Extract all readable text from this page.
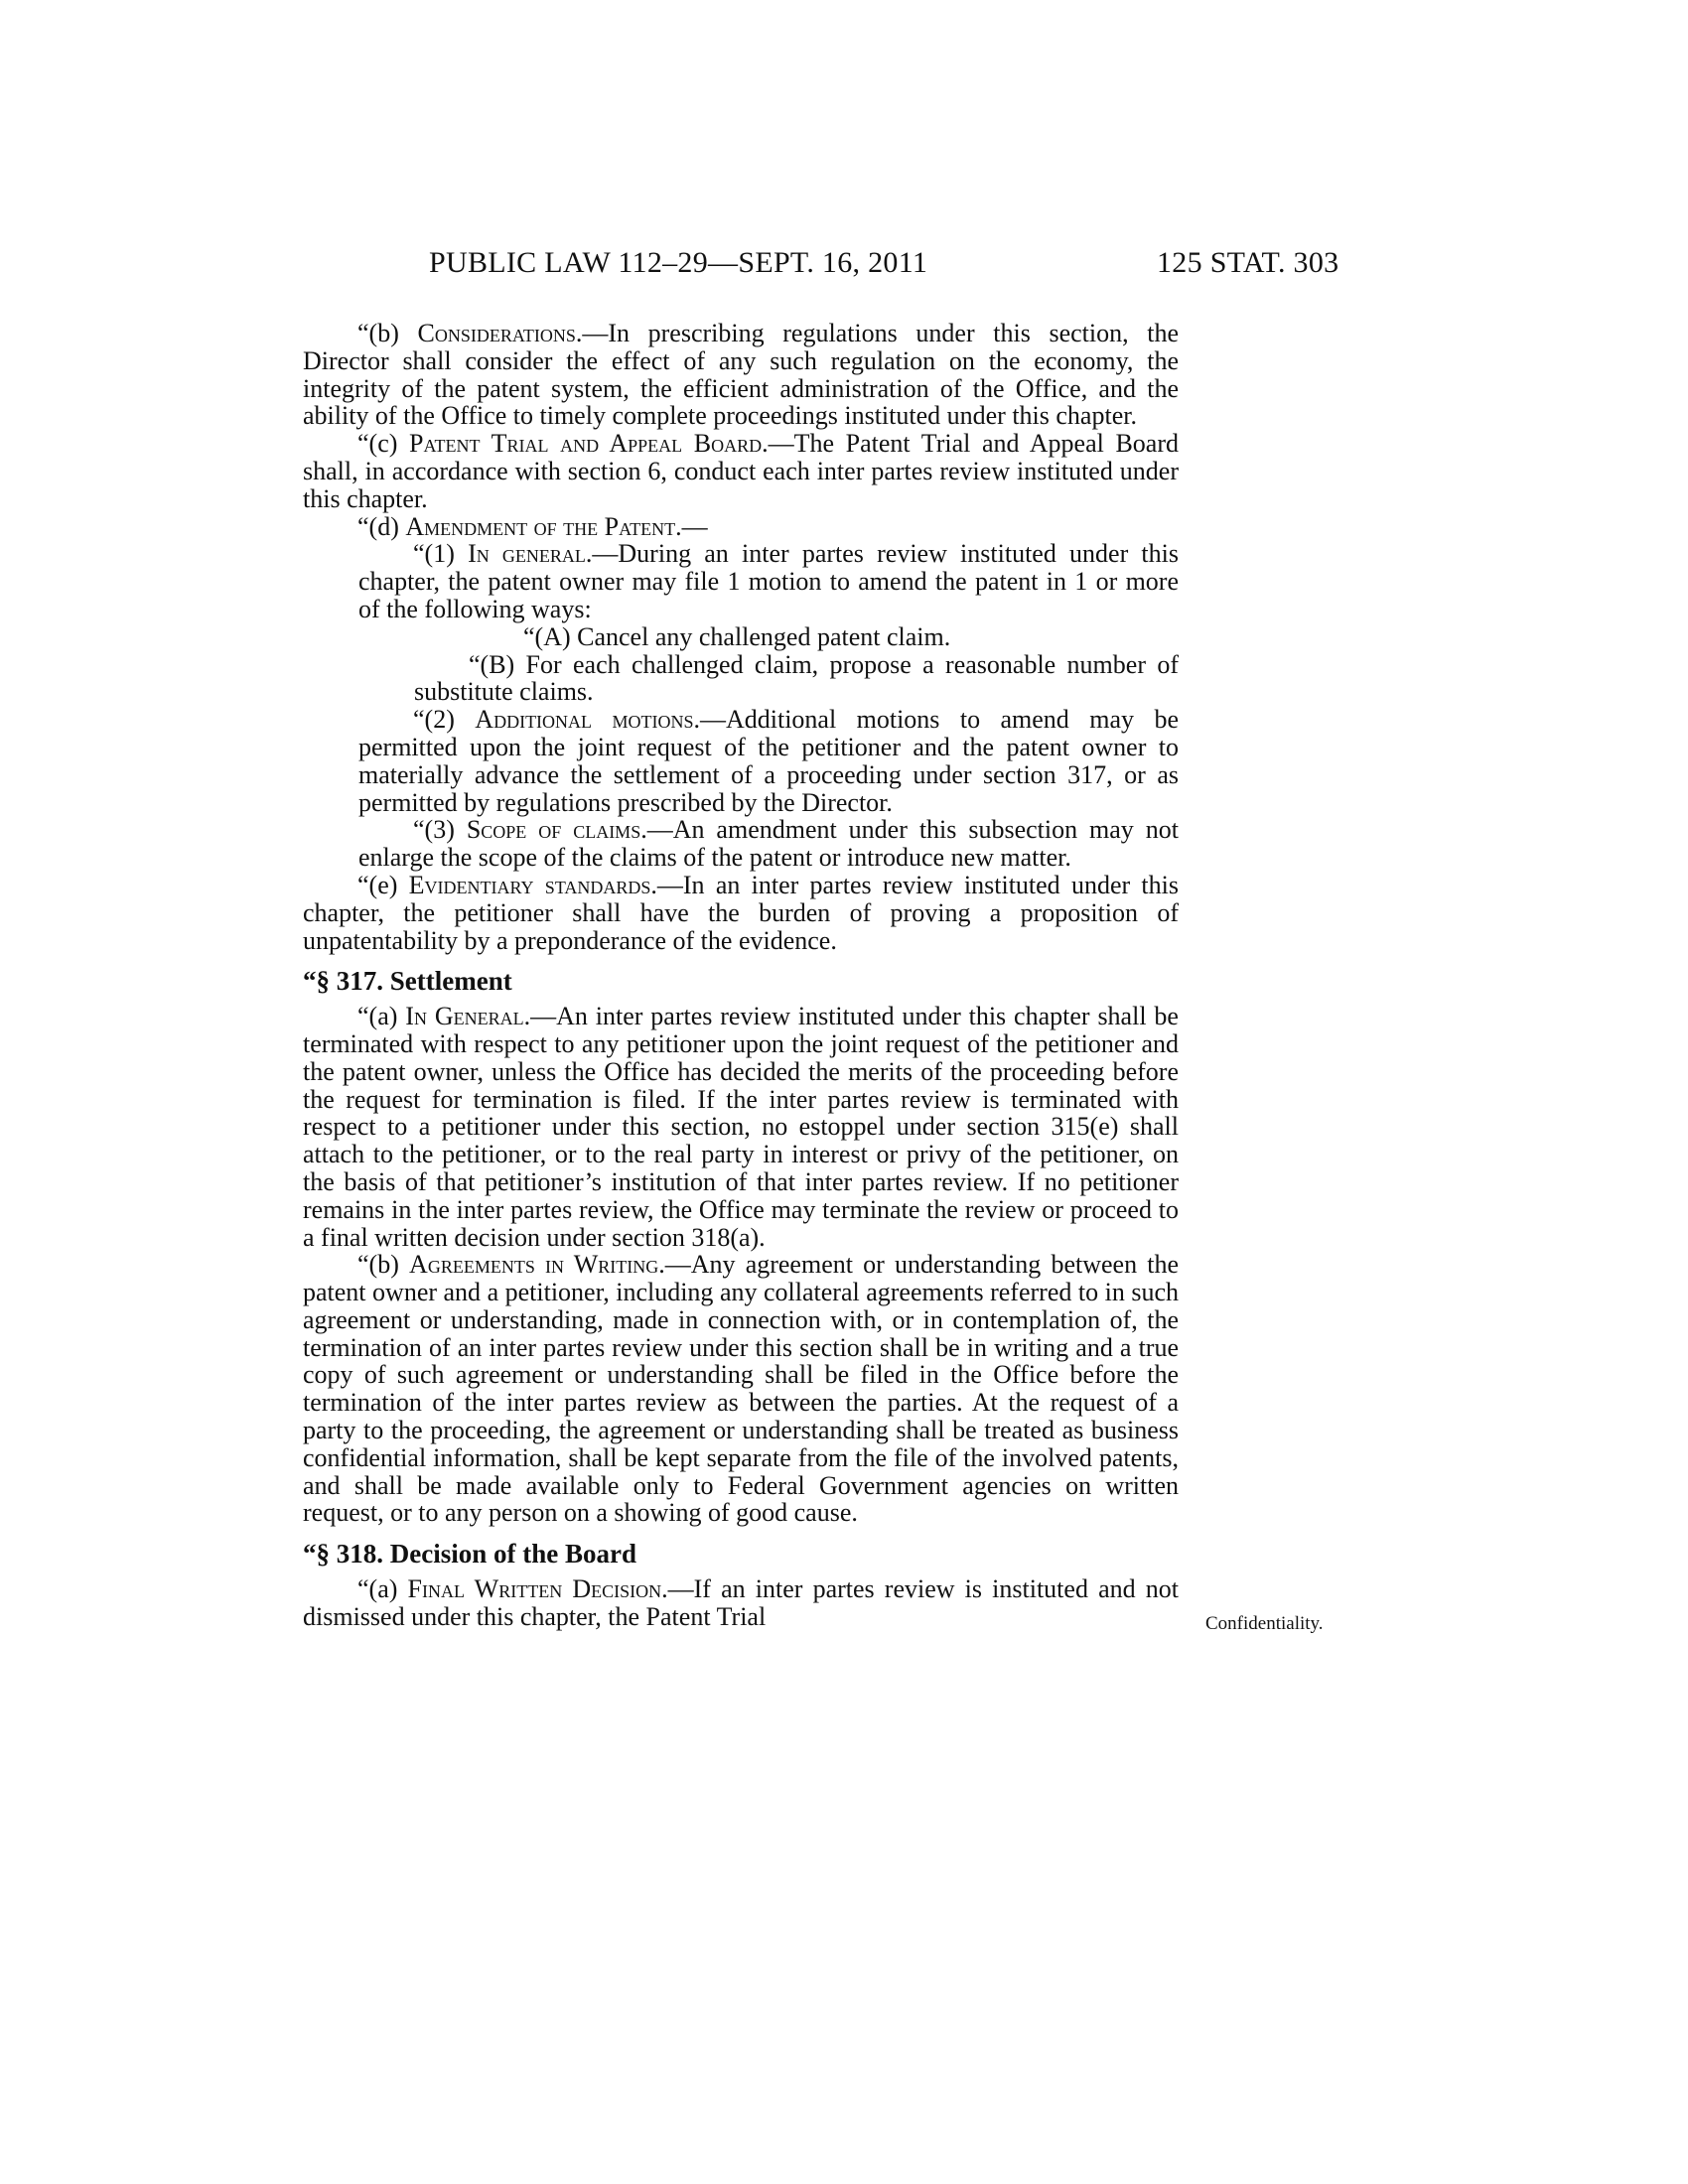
PUBLIC LAW 112–29—SEPT. 16, 2011	125 STAT. 303

“(b) Considerations.—In prescribing regulations under this section, the Director shall consider the effect of any such regulation on the economy, the integrity of the patent system, the efficient administration of the Office, and the ability of the Office to timely complete proceedings instituted under this chapter.

“(c) Patent Trial and Appeal Board.—The Patent Trial and Appeal Board shall, in accordance with section 6, conduct each inter partes review instituted under this chapter.

“(d) Amendment of the Patent.—

“(1) In general.—During an inter partes review instituted under this chapter, the patent owner may file 1 motion to amend the patent in 1 or more of the following ways:

“(A) Cancel any challenged patent claim.

“(B) For each challenged claim, propose a reasonable number of substitute claims.

“(2) Additional motions.—Additional motions to amend may be permitted upon the joint request of the petitioner and the patent owner to materially advance the settlement of a proceeding under section 317, or as permitted by regulations prescribed by the Director.

“(3) Scope of claims.—An amendment under this subsection may not enlarge the scope of the claims of the patent or introduce new matter.

“(e) Evidentiary standards.—In an inter partes review instituted under this chapter, the petitioner shall have the burden of proving a proposition of unpatentability by a preponderance of the evidence.

“§ 317. Settlement

“(a) In General.—An inter partes review instituted under this chapter shall be terminated with respect to any petitioner upon the joint request of the petitioner and the patent owner, unless the Office has decided the merits of the proceeding before the request for termination is filed. If the inter partes review is terminated with respect to a petitioner under this section, no estoppel under section 315(e) shall attach to the petitioner, or to the real party in interest or privy of the petitioner, on the basis of that petitioner’s institution of that inter partes review. If no petitioner remains in the inter partes review, the Office may terminate the review or proceed to a final written decision under section 318(a).

“(b) Agreements in Writing.—Any agreement or understanding between the patent owner and a petitioner, including any collateral agreements referred to in such agreement or understanding, made in connection with, or in contemplation of, the termination of an inter partes review under this section shall be in writing and a true copy of such agreement or understanding shall be filed in the Office before the termination of the inter partes review as between the parties. At the request of a party to the proceeding, the agreement or understanding shall be treated as business confidential information, shall be kept separate from the file of the involved patents, and shall be made available only to Federal Government agencies on written request, or to any person on a showing of good cause.

“§ 318. Decision of the Board

“(a) Final Written Decision.—If an inter partes review is instituted and not dismissed under this chapter, the Patent Trial	Confidentiality.
